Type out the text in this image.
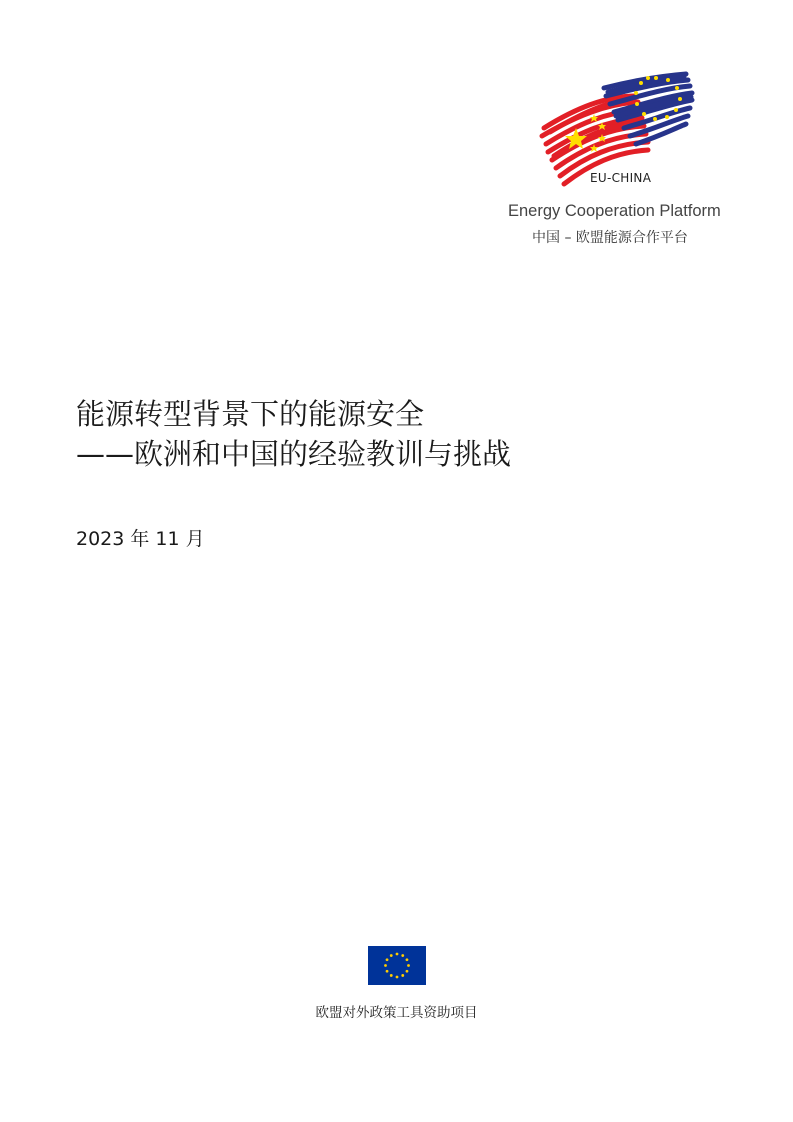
EU-CHINA
Energy Cooperation Platform
中国 – 欧盟能源合作平台
能源转型背景下的能源安全
——欧洲和中国的经验教训与挑战
2023 年 11 月
欧盟对外政策工具资助项目
